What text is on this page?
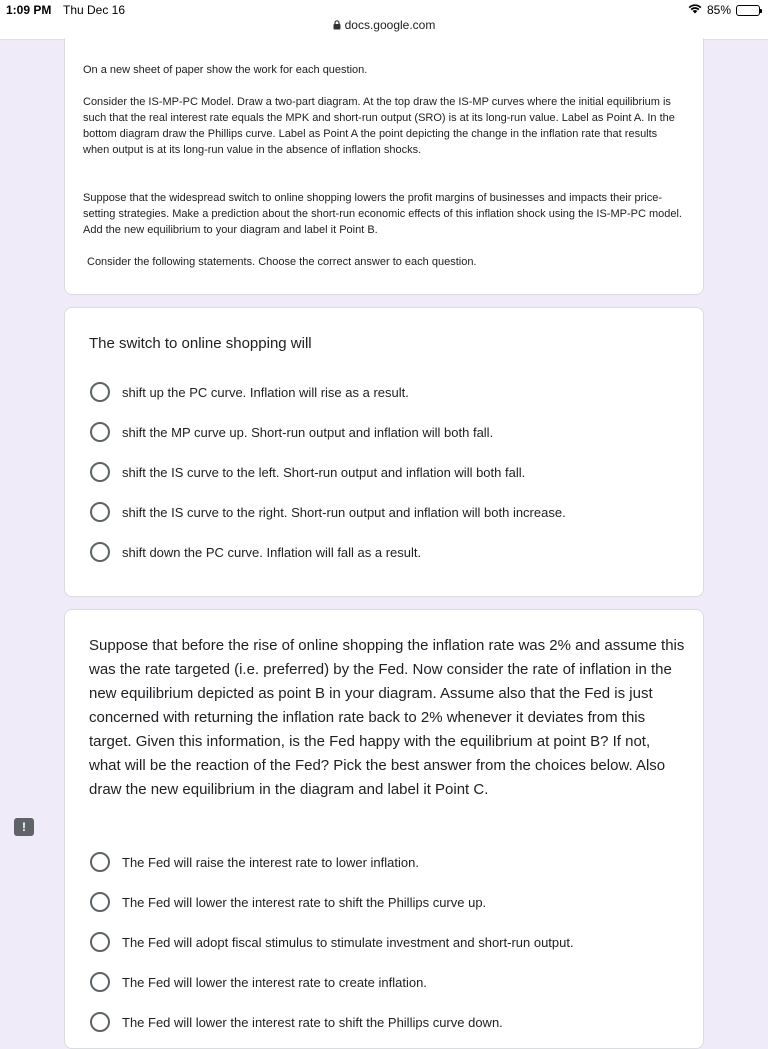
1:09 PM Thu Dec 16	85%
docs.google.com

On a new sheet of paper show the work for each question.

Consider the IS-MP-PC Model. Draw a two-part diagram. At the top draw the IS-MP curves where the initial equilibrium is such that the real interest rate equals the MPK and short-run output (SRO) is at its long-run value. Label as Point A. In the bottom diagram draw the Phillips curve. Label as Point A the point depicting the change in the inflation rate that results when output is at its long-run value in the absence of inflation shocks.

Suppose that the widespread switch to online shopping lowers the profit margins of businesses and impacts their price-setting strategies. Make a prediction about the short-run economic effects of this inflation shock using the IS-MP-PC model. Add the new equilibrium to your diagram and label it Point B.

Consider the following statements. Choose the correct answer to each question.

The switch to online shopping will
shift up the PC curve. Inflation will rise as a result.
shift the MP curve up. Short-run output and inflation will both fall.
shift the IS curve to the left. Short-run output and inflation will both fall.
shift the IS curve to the right. Short-run output and inflation will both increase.
shift down the PC curve. Inflation will fall as a result.
Suppose that before the rise of online shopping the inflation rate was 2% and assume this was the rate targeted (i.e. preferred) by the Fed. Now consider the rate of inflation in the new equilibrium depicted as point B in your diagram. Assume also that the Fed is just concerned with returning the inflation rate back to 2% whenever it deviates from this target. Given this information, is the Fed happy with the equilibrium at point B? If not, what will be the reaction of the Fed? Pick the best answer from the choices below. Also draw the new equilibrium in the diagram and label it Point C.
The Fed will raise the interest rate to lower inflation.
The Fed will lower the interest rate to shift the Phillips curve up.
The Fed will adopt fiscal stimulus to stimulate investment and short-run output.
The Fed will lower the interest rate to create inflation.
The Fed will lower the interest rate to shift the Phillips curve down.
!
